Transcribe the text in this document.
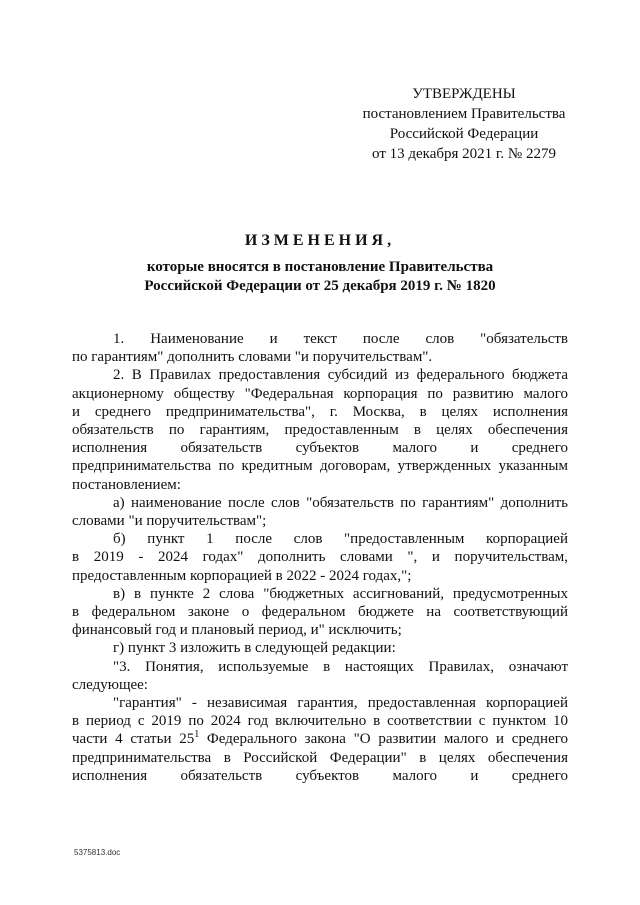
УТВЕРЖДЕНЫ
постановлением Правительства
Российской Федерации
от 13 декабря 2021 г. № 2279
ИЗМЕНЕНИЯ,
которые вносятся в постановление Правительства
Российской Федерации от 25 декабря 2019 г. № 1820
1. Наименование и текст после слов "обязательств
по гарантиям" дополнить словами "и поручительствам".
2. В Правилах предоставления субсидий из федерального бюджета
акционерному обществу "Федеральная корпорация по развитию малого
и среднего предпринимательства", г. Москва, в целях исполнения
обязательств по гарантиям, предоставленным в целях обеспечения
исполнения обязательств субъектов малого и среднего
предпринимательства по кредитным договорам, утвержденных указанным
постановлением:
а) наименование после слов "обязательств по гарантиям" дополнить
словами "и поручительствам";
б) пункт 1 после слов "предоставленным корпорацией
в 2019 - 2024 годах" дополнить словами ", и поручительствам,
предоставленным корпорацией в 2022 - 2024 годах,";
в) в пункте 2 слова "бюджетных ассигнований, предусмотренных
в федеральном законе о федеральном бюджете на соответствующий
финансовый год и плановый период, и" исключить;
г) пункт 3 изложить в следующей редакции:
"3. Понятия, используемые в настоящих Правилах, означают
следующее:
"гарантия" - независимая гарантия, предоставленная корпорацией
в период с 2019 по 2024 год включительно в соответствии с пунктом 10
части 4 статьи $25^1$ Федерального закона "О развитии малого и среднего
предпринимательства в Российской Федерации" в целях обеспечения
исполнения обязательств субъектов малого и среднего
5375813.doc
